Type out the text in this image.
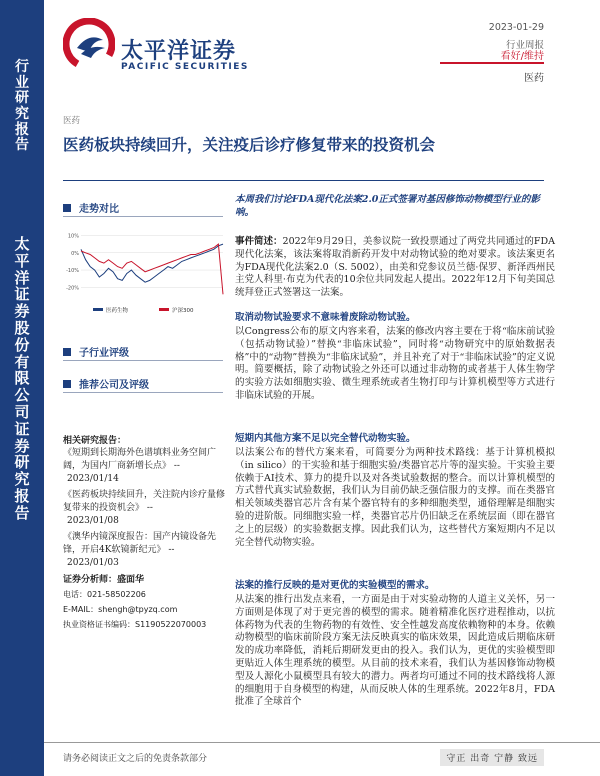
行
业
研
究
报
告
太
平
洋
证
券
股
份
有
限
公
司
证
券
研
究
报
告
太平洋证券
PACIFIC SECURITIES
2023-01-29
行业周报
看好/维持
医药
医药
医药板块持续回升，关注疫后诊疗修复带来的投资机会
走势对比
10%
0%
-10%
-20%
医药生物	沪深300
子行业评级
推荐公司及评级
相关研究报告：
《短期到长期海外色谱填料业务空间广阔，为国内厂商新增长点》 --
2023/01/14
《医药板块持续回升，关注院内诊疗量修复带来的投资机会》 --
2023/01/08
《澳华内镜深度报告：国产内镜设备先锋，开启4K软镜新纪元》 --
2023/01/03
证券分析师：盛面华
电话：021-58502206
E-MAIL：shengh@tpyzq.com
执业资格证书编码：S1190522070003
本周我们讨论FDA现代化法案2.0正式签署对基因修饰动物模型行业的影响。
事件简述：2022年9月29日，美参议院一致投票通过了两党共同通过的FDA现代化法案，该法案将取消新药开发中对动物试验的绝对要求。该法案更名为FDA现代化法案2.0（S. 5002），由美和党参议员兰德·保罗、新泽西州民主党人科里·布克为代表的10余位共同发起人提出。2022年12月下旬美国总统拜登正式签署这一法案。
取消动物试验要求不意味着废除动物试验。
以Congress公布的原文内容来看，法案的修改内容主要在于将“临床前试验（包括动物试验）”替换“非临床试验”，同时将“动物研究中的原始数据表格”中的“动物”替换为“非临床试验”，并且补充了对于“非临床试验”的定义说明。简要概括，除了动物试验之外还可以通过非动物的或者基于人体生物学的实验方法如细胞实验、微生理系统或者生物打印与计算机模型等方式进行非临床试验的开展。
短期内其他方案不足以完全替代动物实验。
以法案公布的替代方案来看，可简要分为两种技术路线：基于计算机模拟（in silico）的干实验和基于细胞实验/类器官芯片等的湿实验。干实验主要依赖于AI技术、算力的提升以及对各类试验数据的整合。而以计算机模型的方式替代真实试验数据，我们认为目前仍缺乏强信服力的支撑。而在类器官相关领域类器官芯片含有某个器官特有的多种细胞类型，通俗理解是细胞实验的进阶版。同细胞实验一样，类器官芯片仍旧缺乏在系统层面（即在器官之上的层级）的实验数据支撑。因此我们认为，这些替代方案短期内不足以完全替代动物实验。
法案的推行反映的是对更优的实验模型的需求。
从法案的推行出发点来看，一方面是由于对实验动物的人道主义关怀，另一方面则是体现了对于更完善的模型的需求。随着精准化医疗进程推动，以抗体药物为代表的生物药物的有效性、安全性越发高度依赖物种的本身。依赖动物模型的临床前阶段方案无法反映真实的临床效果，因此造成后期临床研发的成功率降低，消耗后期研发更由的投入。我们认为，更优的实验模型即更贴近人体生理系统的模型。从目前的技术来看，我们认为基因修饰动物模型及人源化小鼠模型具有较大的潜力。两者均可通过不同的技术路线将人源的细胞用于自身模型的构建，从而反映人体的生理系统。2022年8月，FDA批准了全球首个
请务必阅读正文之后的免责条款部分	守正 出奇 宁静 致远
